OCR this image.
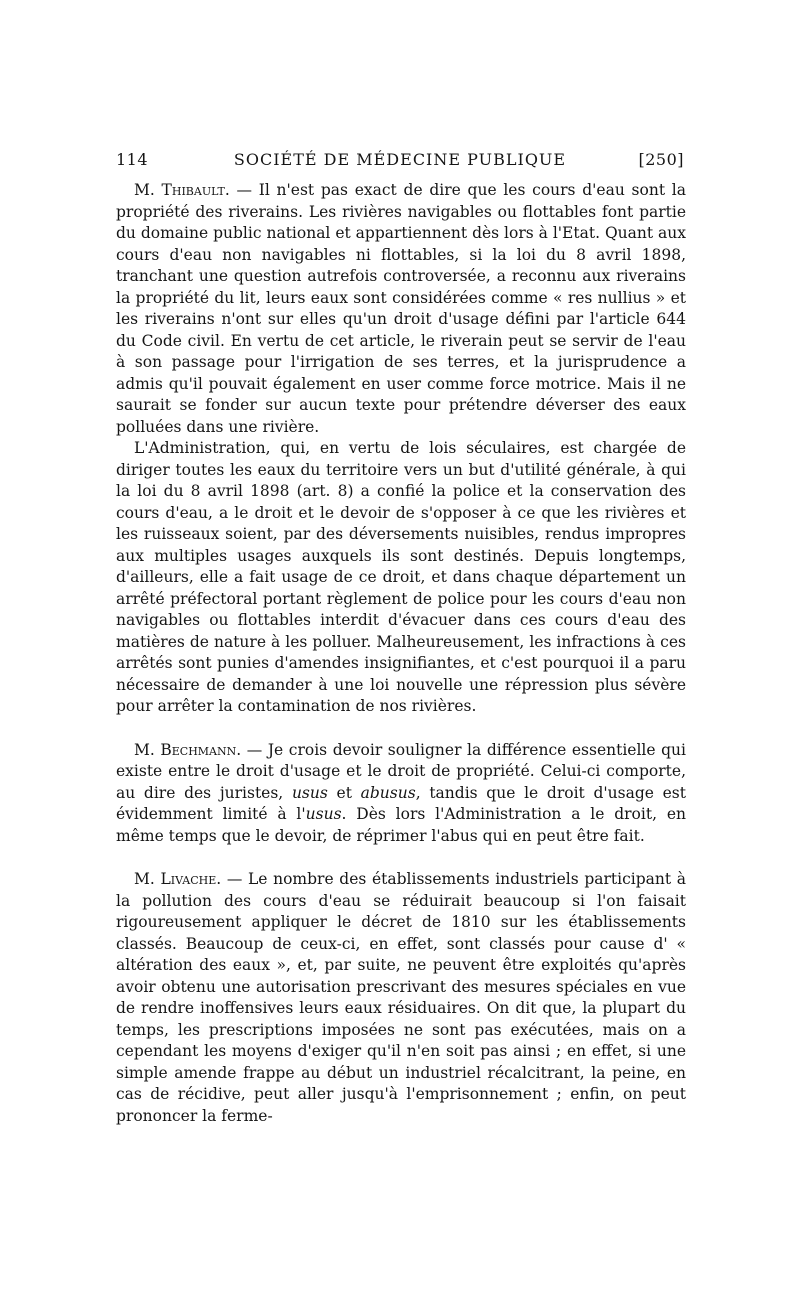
114	SOCIÉTÉ DE MÉDECINE PUBLIQUE	[250]

M. Thibault. — Il n'est pas exact de dire que les cours d'eau sont la propriété des riverains. Les rivières navigables ou flottables font partie du domaine public national et appartiennent dès lors à l'Etat. Quant aux cours d'eau non navigables ni flottables, si la loi du 8 avril 1898, tranchant une question autrefois controversée, a reconnu aux riverains la propriété du lit, leurs eaux sont considérées comme « res nullius » et les riverains n'ont sur elles qu'un droit d'usage défini par l'article 644 du Code civil. En vertu de cet article, le riverain peut se servir de l'eau à son passage pour l'irrigation de ses terres, et la jurisprudence a admis qu'il pouvait également en user comme force motrice. Mais il ne saurait se fonder sur aucun texte pour prétendre déverser des eaux polluées dans une rivière.

L'Administration, qui, en vertu de lois séculaires, est chargée de diriger toutes les eaux du territoire vers un but d'utilité générale, à qui la loi du 8 avril 1898 (art. 8) a confié la police et la conservation des cours d'eau, a le droit et le devoir de s'opposer à ce que les rivières et les ruisseaux soient, par des déversements nuisibles, rendus impropres aux multiples usages auxquels ils sont destinés. Depuis longtemps, d'ailleurs, elle a fait usage de ce droit, et dans chaque département un arrêté préfectoral portant règlement de police pour les cours d'eau non navigables ou flottables interdit d'évacuer dans ces cours d'eau des matières de nature à les polluer. Malheureusement, les infractions à ces arrêtés sont punies d'amendes insignifiantes, et c'est pourquoi il a paru nécessaire de demander à une loi nouvelle une répression plus sévère pour arrêter la contamination de nos rivières.

M. Bechmann. — Je crois devoir souligner la différence essentielle qui existe entre le droit d'usage et le droit de propriété. Celui-ci comporte, au dire des juristes, usus et abusus, tandis que le droit d'usage est évidemment limité à l'usus. Dès lors l'Administration a le droit, en même temps que le devoir, de réprimer l'abus qui en peut être fait.

M. Livache. — Le nombre des établissements industriels participant à la pollution des cours d'eau se réduirait beaucoup si l'on faisait rigoureusement appliquer le décret de 1810 sur les établissements classés. Beaucoup de ceux-ci, en effet, sont classés pour cause d' « altération des eaux », et, par suite, ne peuvent être exploités qu'après avoir obtenu une autorisation prescrivant des mesures spéciales en vue de rendre inoffensives leurs eaux résiduaires. On dit que, la plupart du temps, les prescriptions imposées ne sont pas exécutées, mais on a cependant les moyens d'exiger qu'il n'en soit pas ainsi ; en effet, si une simple amende frappe au début un industriel récalcitrant, la peine, en cas de récidive, peut aller jusqu'à l'emprisonnement ; enfin, on peut prononcer la ferme-
